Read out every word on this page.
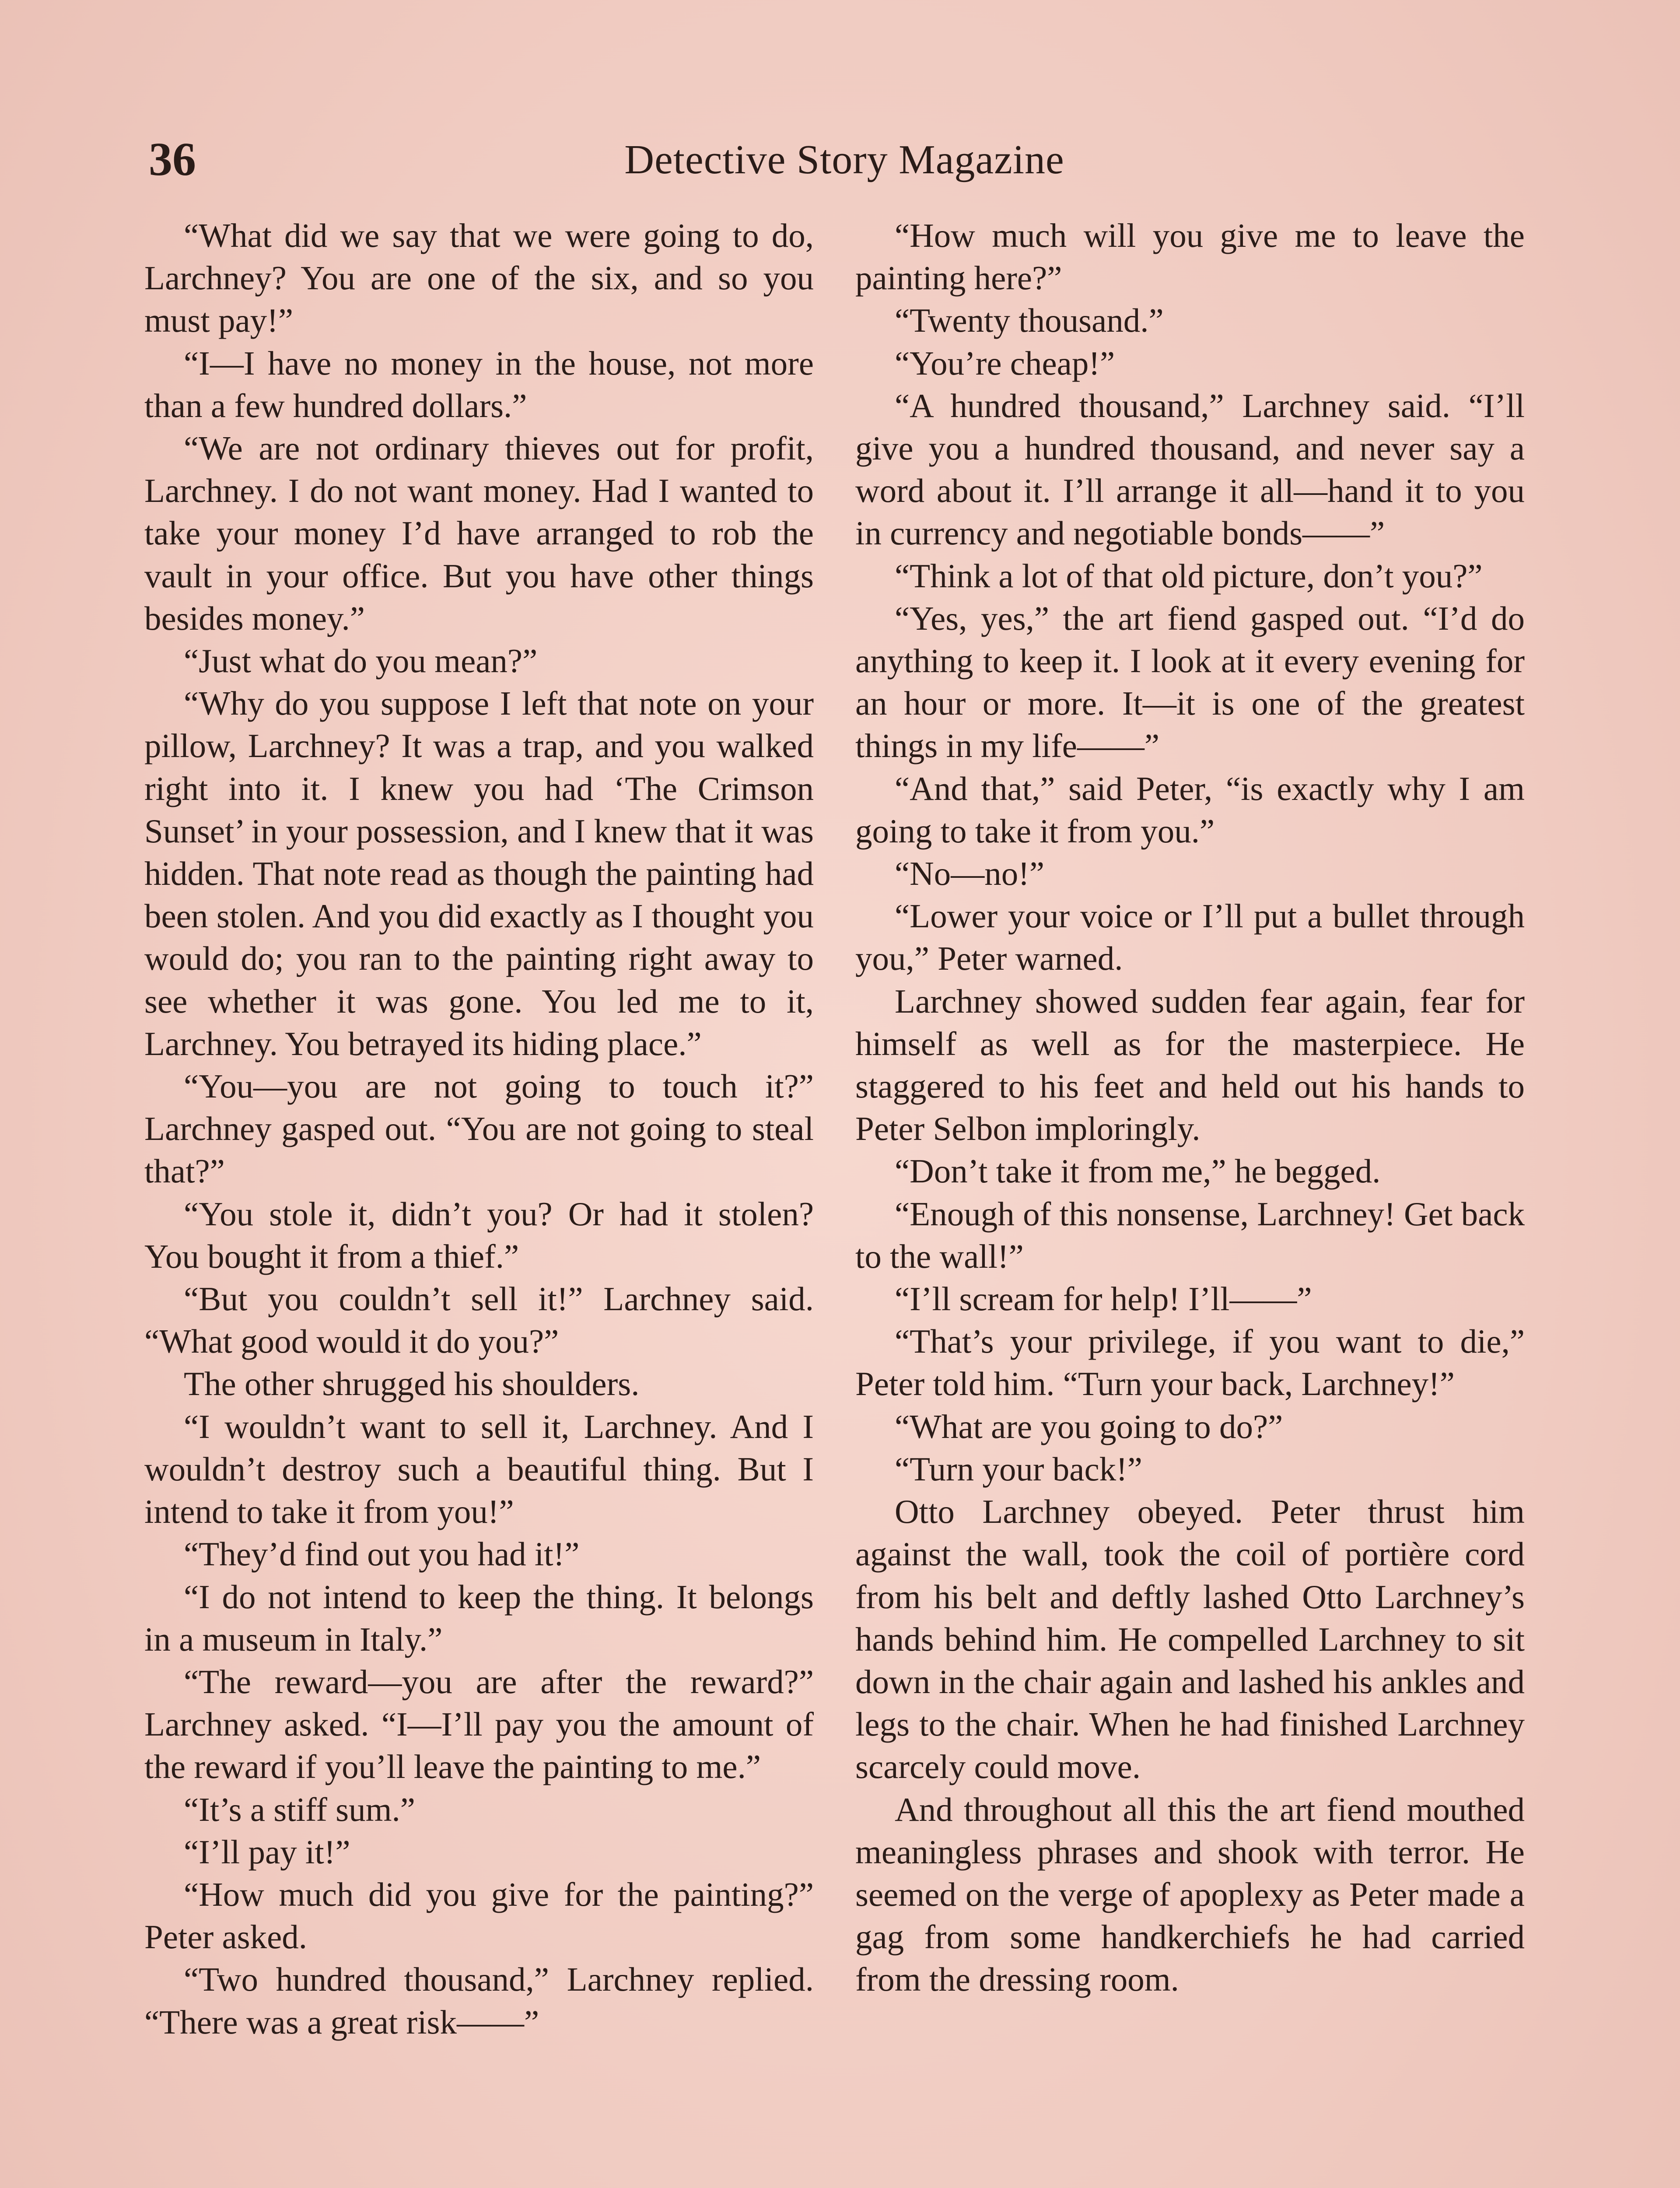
36	Detective Story Magazine

“What did we say that we were going to do, Larchney? You are one of the six, and so you must pay!”

“I—I have no money in the house, not more than a few hundred dollars.”

“We are not ordinary thieves out for profit, Larchney. I do not want money. Had I wanted to take your money I’d have arranged to rob the vault in your office. But you have other things besides money.”

“Just what do you mean?”

“Why do you suppose I left that note on your pillow, Larchney? It was a trap, and you walked right into it. I knew you had ‘The Crimson Sunset’ in your possession, and I knew that it was hidden. That note read as though the painting had been stolen. And you did exactly as I thought you would do; you ran to the painting right away to see whether it was gone. You led me to it, Larchney. You betrayed its hiding place.”

“You—you are not going to touch it?” Larchney gasped out. “You are not going to steal that?”

“You stole it, didn’t you? Or had it stolen? You bought it from a thief.”

“But you couldn’t sell it!” Larchney said. “What good would it do you?”

The other shrugged his shoulders.

“I wouldn’t want to sell it, Larchney. And I wouldn’t destroy such a beautiful thing. But I intend to take it from you!”

“They’d find out you had it!”

“I do not intend to keep the thing. It belongs in a museum in Italy.”

“The reward—you are after the reward?” Larchney asked. “I—I’ll pay you the amount of the reward if you’ll leave the painting to me.”

“It’s a stiff sum.”

“I’ll pay it!”

“How much did you give for the painting?” Peter asked.

“Two hundred thousand,” Larchney replied. “There was a great risk——”

“How much will you give me to leave the painting here?”

“Twenty thousand.”

“You’re cheap!”

“A hundred thousand,” Larchney said. “I’ll give you a hundred thousand, and never say a word about it. I’ll arrange it all—hand it to you in currency and negotiable bonds——”

“Think a lot of that old picture, don’t you?”

“Yes, yes,” the art fiend gasped out. “I’d do anything to keep it. I look at it every evening for an hour or more. It—it is one of the greatest things in my life——”

“And that,” said Peter, “is exactly why I am going to take it from you.”

“No—no!”

“Lower your voice or I’ll put a bullet through you,” Peter warned.

Larchney showed sudden fear again, fear for himself as well as for the masterpiece. He staggered to his feet and held out his hands to Peter Selbon imploringly.

“Don’t take it from me,” he begged.

“Enough of this nonsense, Larchney! Get back to the wall!”

“I’ll scream for help! I’ll——”

“That’s your privilege, if you want to die,” Peter told him. “Turn your back, Larchney!”

“What are you going to do?”

“Turn your back!”

Otto Larchney obeyed. Peter thrust him against the wall, took the coil of portière cord from his belt and deftly lashed Otto Larchney’s hands behind him. He compelled Larchney to sit down in the chair again and lashed his ankles and legs to the chair. When he had finished Larchney scarcely could move.

And throughout all this the art fiend mouthed meaningless phrases and shook with terror. He seemed on the verge of apoplexy as Peter made a gag from some handkerchiefs he had carried from the dressing room.
